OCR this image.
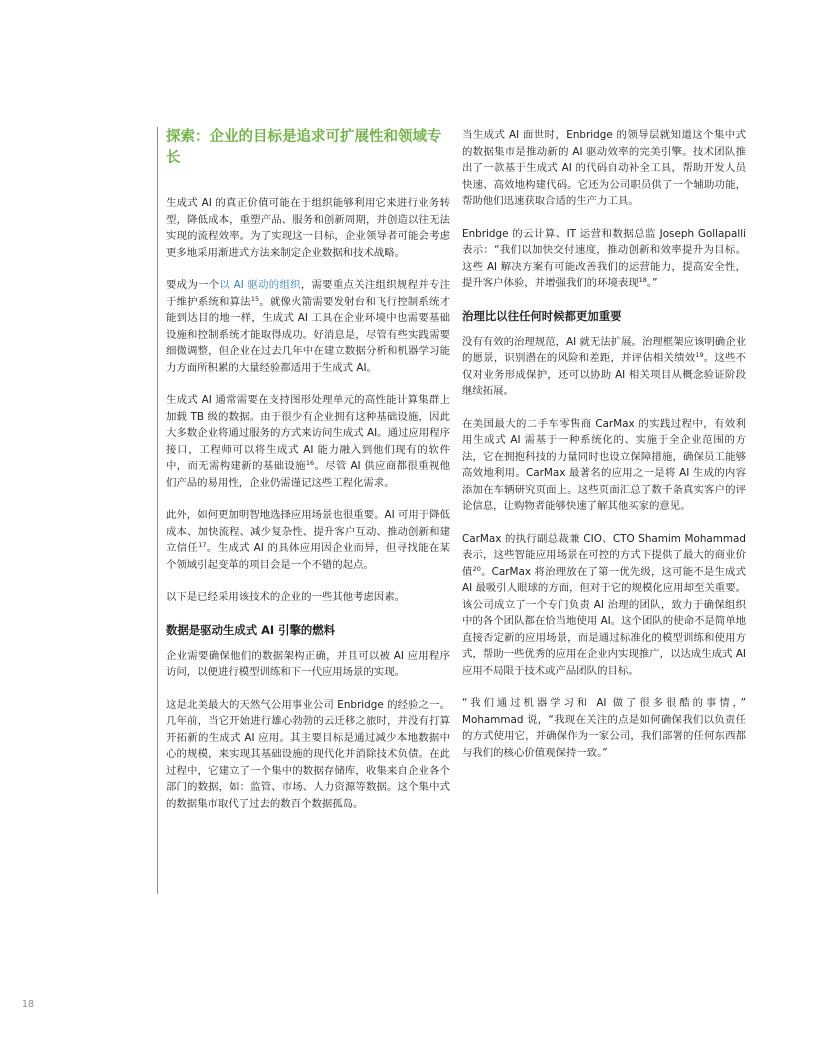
探索：企业的目标是追求可扩展性和领域专长

生成式 AI 的真正价值可能在于组织能够利用它来进行业务转型，降低成本，重塑产品、服务和创新周期，并创造以往无法实现的流程效率。为了实现这一目标，企业领导者可能会考虑更多地采用渐进式方法来制定企业数据和技术战略。

要成为一个以 AI 驱动的组织，需要重点关注组织规程并专注于维护系统和算法$^{15}$。就像火箭需要发射台和飞行控制系统才能到达目的地一样，生成式 AI 工具在企业环境中也需要基础设施和控制系统才能取得成功。好消息是，尽管有些实践需要细微调整，但企业在过去几年中在建立数据分析和机器学习能力方面所积累的大量经验都适用于生成式 AI。

生成式 AI 通常需要在支持图形处理单元的高性能计算集群上加载 TB 级的数据。由于很少有企业拥有这种基础设施，因此大多数企业将通过服务的方式来访问生成式 AI。通过应用程序接口，工程师可以将生成式 AI 能力融入到他们现有的软件中，而无需构建新的基础设施$^{16}$。尽管 AI 供应商都很重视他们产品的易用性，企业仍需谨记这些工程化需求。

此外，如何更加明智地选择应用场景也很重要。AI 可用于降低成本、加快流程、减少复杂性、提升客户互动、推动创新和建立信任$^{17}$。生成式 AI 的具体应用因企业而异，但寻找能在某个领域引起变革的项目会是一个不错的起点。

以下是已经采用该技术的企业的一些其他考虑因素。

数据是驱动生成式 AI 引擎的燃料

企业需要确保他们的数据架构正确，并且可以被 AI 应用程序访问，以便进行模型训练和下一代应用场景的实现。

这是北美最大的天然气公用事业公司 Enbridge 的经验之一。几年前，当它开始进行雄心勃勃的云迁移之旅时，并没有打算开拓新的生成式 AI 应用。其主要目标是通过减少本地数据中心的规模，来实现其基础设施的现代化并消除技术负债。在此过程中，它建立了一个集中的数据存储库，收集来自企业各个部门的数据，如：监管、市场、人力资源等数据。这个集中式的数据集市取代了过去的数百个数据孤岛。

当生成式 AI 面世时，Enbridge 的领导层就知道这个集中式的数据集市是推动新的 AI 驱动效率的完美引擎。技术团队推出了一款基于生成式 AI 的代码自动补全工具，帮助开发人员快速、高效地构建代码。它还为公司职员供了一个辅助功能，帮助他们迅速获取合适的生产力工具。

Enbridge 的云计算、IT 运营和数据总监 Joseph Gollapalli 表示：“我们以加快交付速度，推动创新和效率提升为目标。这些 AI 解决方案有可能改善我们的运营能力，提高安全性，提升客户体验，并增强我们的环境表现$^{18}$。”

治理比以往任何时候都更加重要

没有有效的治理规范，AI 就无法扩展。治理框架应该明确企业的愿景，识别潜在的风险和差距，并评估相关绩效$^{19}$。这些不仅对业务形成保护，还可以协助 AI 相关项目从概念验证阶段继续拓展。

在美国最大的二手车零售商 CarMax 的实践过程中，有效利用生成式 AI 需基于一种系统化的、实施于全企业范围的方法，它在拥抱科技的力量同时也设立保障措施，确保员工能够高效地利用。CarMax 最著名的应用之一是将 AI 生成的内容添加在车辆研究页面上。这些页面汇总了数千条真实客户的评论信息，让购物者能够快速了解其他买家的意见。

CarMax 的执行副总裁兼 CIO、CTO Shamim Mohammad 表示，这些智能应用场景在可控的方式下提供了最大的商业价值$^{20}$。CarMax 将治理放在了第一优先级，这可能不是生成式 AI 最吸引人眼球的方面，但对于它的规模化应用却至关重要。该公司成立了一个专门负责 AI 治理的团队，致力于确保组织中的各个团队都在恰当地使用 AI。这个团队的使命不是简单地直接否定新的应用场景，而是通过标准化的模型训练和使用方式，帮助一些优秀的应用在企业内实现推广，以达成生成式 AI 应用不局限于技术或产品团队的目标。

“我们通过机器学习和 AI 做了很多很酷的事情，” Mohammad 说，“我现在关注的点是如何确保我们以负责任的方式使用它，并确保作为一家公司，我们部署的任何东西都与我们的核心价值观保持一致。”

18
